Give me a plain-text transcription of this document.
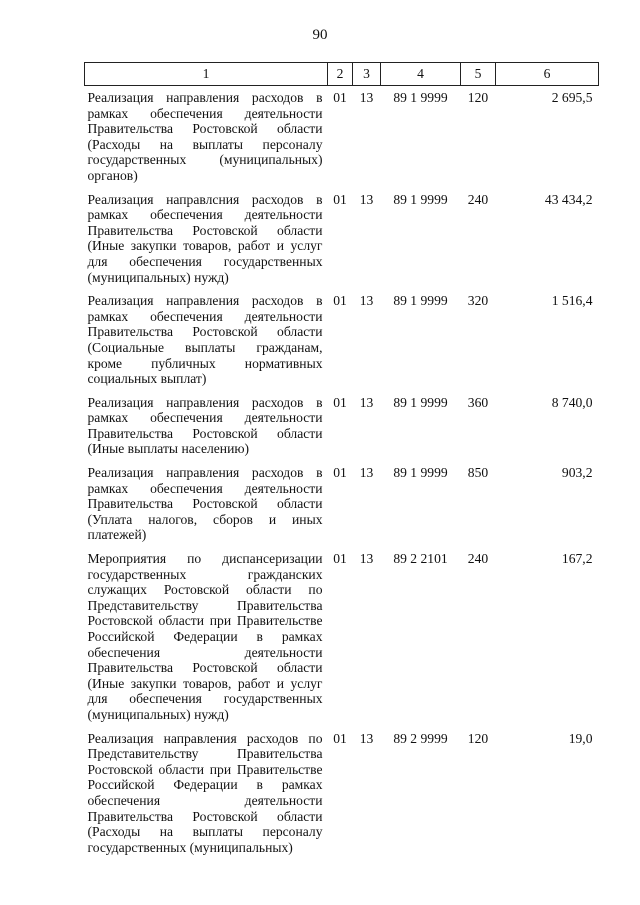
90
1	2	3	4	5	6
Реализация направления расходов в рамках обеспечения деятельности Правительства Ростовской области (Расходы на выплаты персоналу государственных (муниципальных) органов)	01	13	89 1 9999	120	2 695,5
Реализация направлсния расходов в рамках обеспечения деятельности Правительства Ростовской области (Иные закупки товаров, работ и услуг для обеспечения государственных (муниципальных) нужд)	01	13	89 1 9999	240	43 434,2
Реализация направления расходов в рамках обеспечения деятельности Правительства Ростовской области (Социальные выплаты гражданам, кроме публичных нормативных социальных выплат)	01	13	89 1 9999	320	1 516,4
Реализация направления расходов в рамках обеспечения деятельности Правительства Ростовской области (Иные выплаты населению)	01	13	89 1 9999	360	8 740,0
Реализация направления расходов в рамках обеспечения деятельности Правительства Ростовской области (Уплата налогов, сборов и иных платежей)	01	13	89 1 9999	850	903,2
Мероприятия по диспансеризации государственных гражданских служащих Ростовской области по Представительству Правительства Ростовской области при Правительстве Российской Федерации в рамках обеспечения деятельности Правительства Ростовской области (Иные закупки товаров, работ и услуг для обеспечения государственных (муниципальных) нужд)	01	13	89 2 2101	240	167,2
Реализация направления расходов по Представительству Правительства Ростовской области при Правительстве Российской Федерации в рамках обеспечения деятельности Правительства Ростовской области (Расходы на выплаты персоналу государственных (муниципальных)	01	13	89 2 9999	120	19,0
